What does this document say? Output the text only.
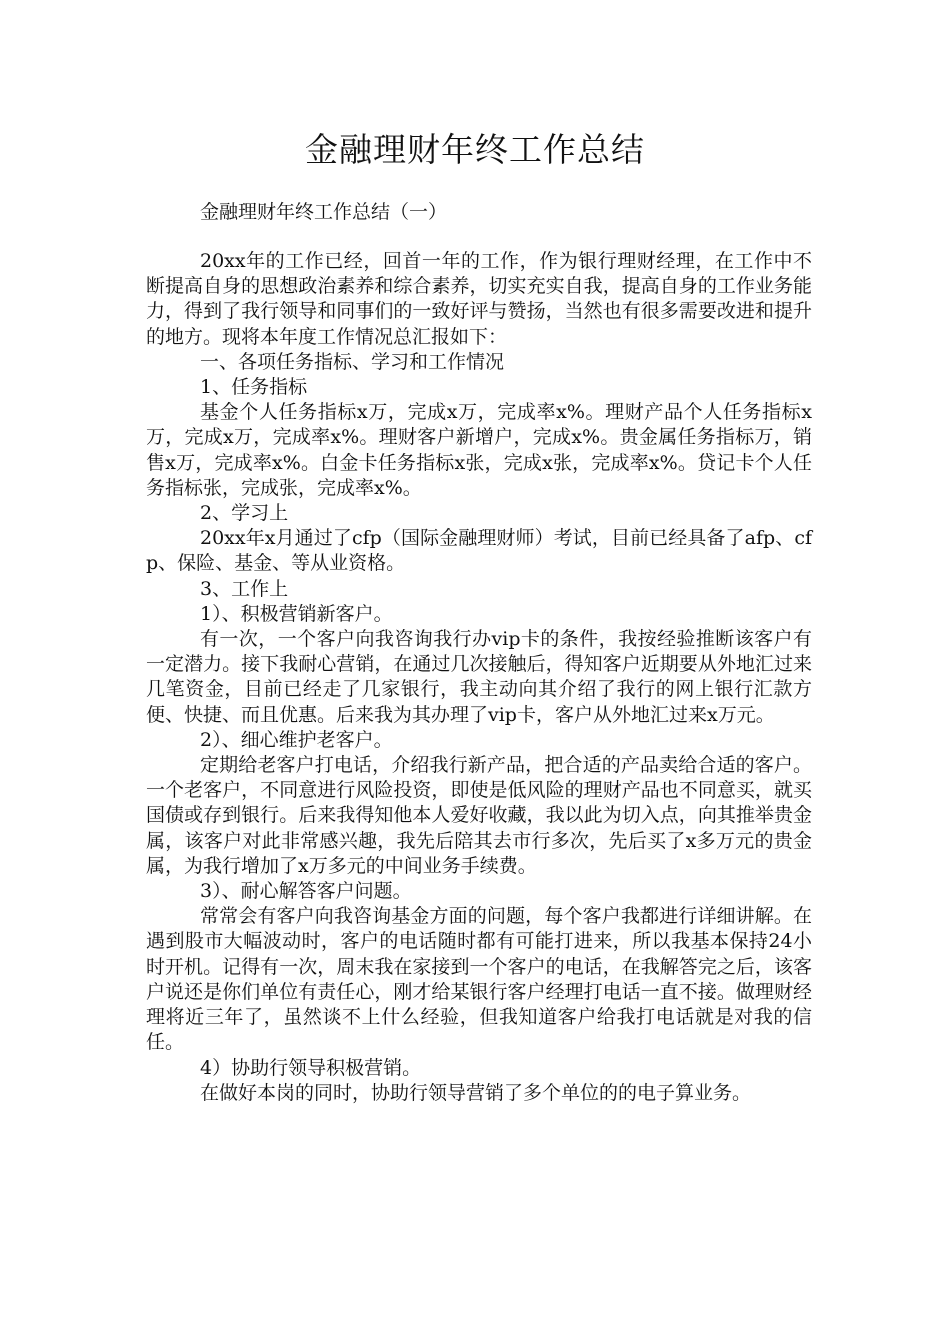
金融理财年终工作总结
金融理财年终工作总结（一）

20xx年的工作已经，回首一年的工作，作为银行理财经理，在工作中不断提高自身的思想政治素养和综合素养，切实充实自我，提高自身的工作业务能力，得到了我行领导和同事们的一致好评与赞扬，当然也有很多需要改进和提升的地方。现将本年度工作情况总汇报如下：

一、各项任务指标、学习和工作情况

1、任务指标

基金个人任务指标x万，完成x万，完成率x%。理财产品个人任务指标x万，完成x万，完成率x%。理财客户新增户，完成x%。贵金属任务指标万，销售x万，完成率x%。白金卡任务指标x张，完成x张，完成率x%。贷记卡个人任务指标张，完成张，完成率x%。

2、学习上

20xx年x月通过了cfp（国际金融理财师）考试，目前已经具备了afp、cfp、保险、基金、等从业资格。

3、工作上

1）、积极营销新客户。

有一次，一个客户向我咨询我行办vip卡的条件，我按经验推断该客户有一定潜力。接下我耐心营销，在通过几次接触后，得知客户近期要从外地汇过来几笔资金，目前已经走了几家银行，我主动向其介绍了我行的网上银行汇款方便、快捷、而且优惠。后来我为其办理了vip卡，客户从外地汇过来x万元。

2）、细心维护老客户。

定期给老客户打电话，介绍我行新产品，把合适的产品卖给合适的客户。一个老客户，不同意进行风险投资，即使是低风险的理财产品也不同意买，就买国债或存到银行。后来我得知他本人爱好收藏，我以此为切入点，向其推举贵金属，该客户对此非常感兴趣，我先后陪其去市行多次，先后买了x多万元的贵金属，为我行增加了x万多元的中间业务手续费。

3）、耐心解答客户问题。

常常会有客户向我咨询基金方面的问题，每个客户我都进行详细讲解。在遇到股市大幅波动时，客户的电话随时都有可能打进来，所以我基本保持24小时开机。记得有一次，周末我在家接到一个客户的电话，在我解答完之后，该客户说还是你们单位有责任心，刚才给某银行客户经理打电话一直不接。做理财经理将近三年了，虽然谈不上什么经验，但我知道客户给我打电话就是对我的信任。

4）协助行领导积极营销。

在做好本岗的同时，协助行领导营销了多个单位的的电子算业务。
